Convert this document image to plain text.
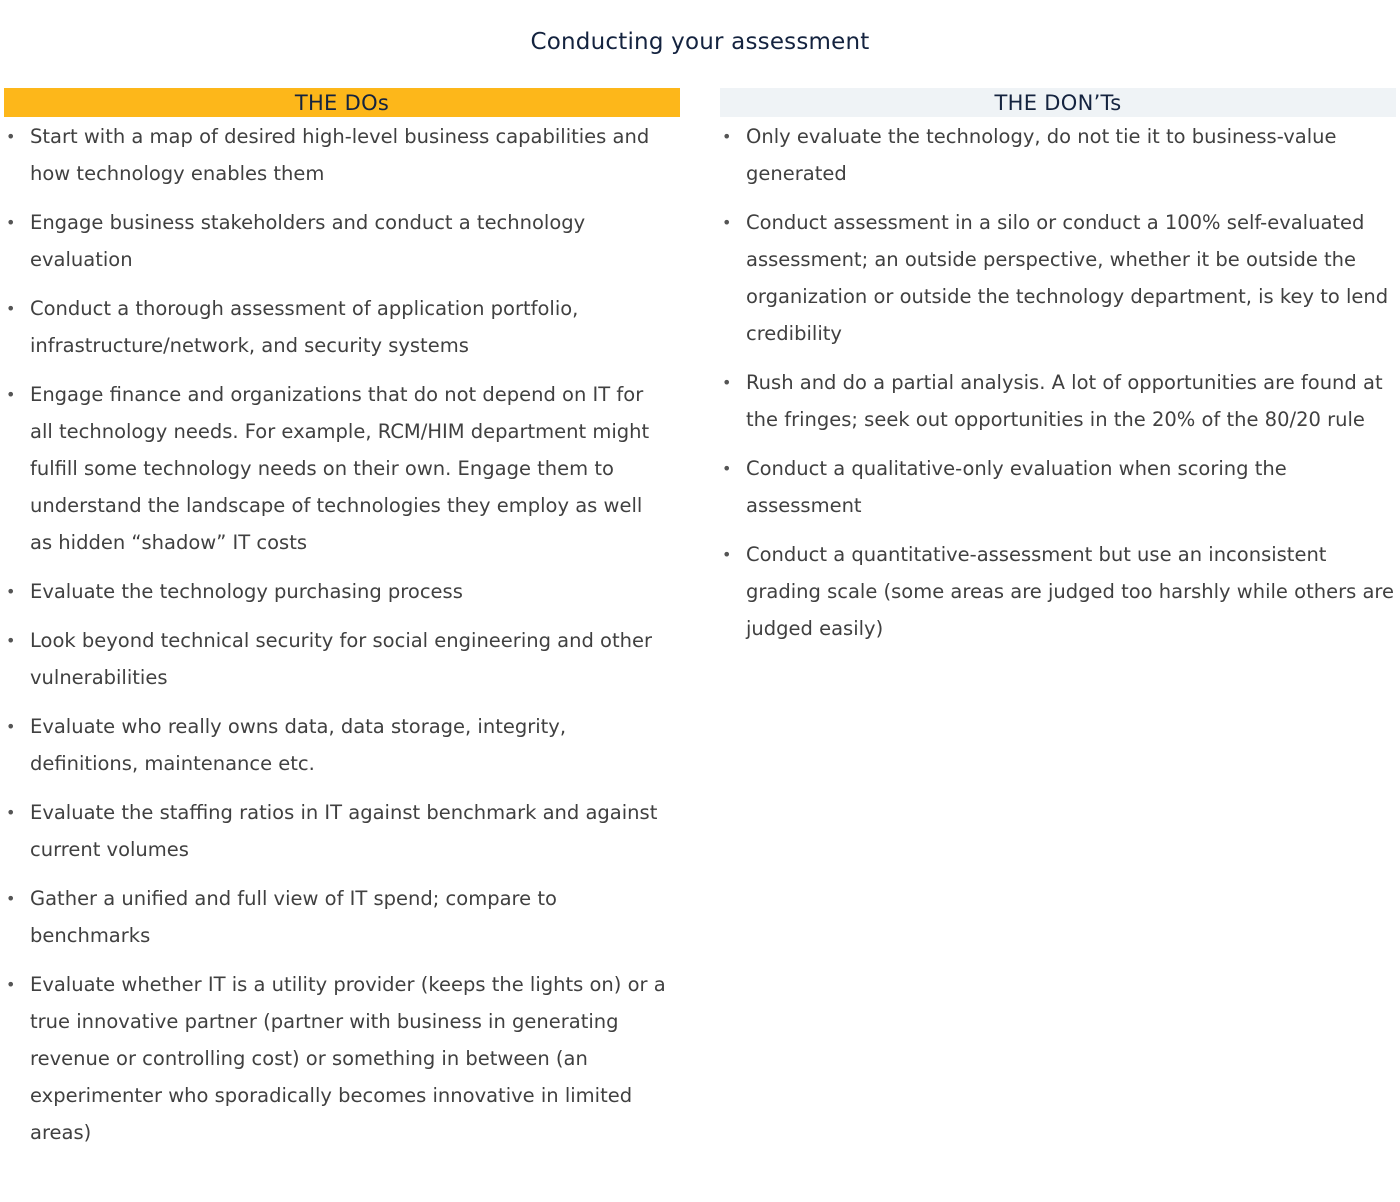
Conducting your assessment
THE DOs
• Start with a map of desired high-level business capabilities and how technology enables them
• Engage business stakeholders and conduct a technology evaluation
• Conduct a thorough assessment of application portfolio, infrastructure/network, and security systems
• Engage finance and organizations that do not depend on IT for all technology needs. For example, RCM/HIM department might fulfill some technology needs on their own. Engage them to understand the landscape of technologies they employ as well as hidden “shadow” IT costs
• Evaluate the technology purchasing process
• Look beyond technical security for social engineering and other vulnerabilities
• Evaluate who really owns data, data storage, integrity, definitions, maintenance etc.
• Evaluate the staffing ratios in IT against benchmark and against current volumes
• Gather a unified and full view of IT spend; compare to benchmarks
• Evaluate whether IT is a utility provider (keeps the lights on) or a true innovative partner (partner with business in generating revenue or controlling cost) or something in between (an experimenter who sporadically becomes innovative in limited areas)
THE DON’Ts
• Only evaluate the technology, do not tie it to business-value generated
• Conduct assessment in a silo or conduct a 100% self-evaluated assessment; an outside perspective, whether it be outside the organization or outside the technology department, is key to lend credibility
• Rush and do a partial analysis. A lot of opportunities are found at the fringes; seek out opportunities in the 20% of the 80/20 rule
• Conduct a qualitative-only evaluation when scoring the assessment
• Conduct a quantitative-assessment but use an inconsistent grading scale (some areas are judged too harshly while others are judged easily)
